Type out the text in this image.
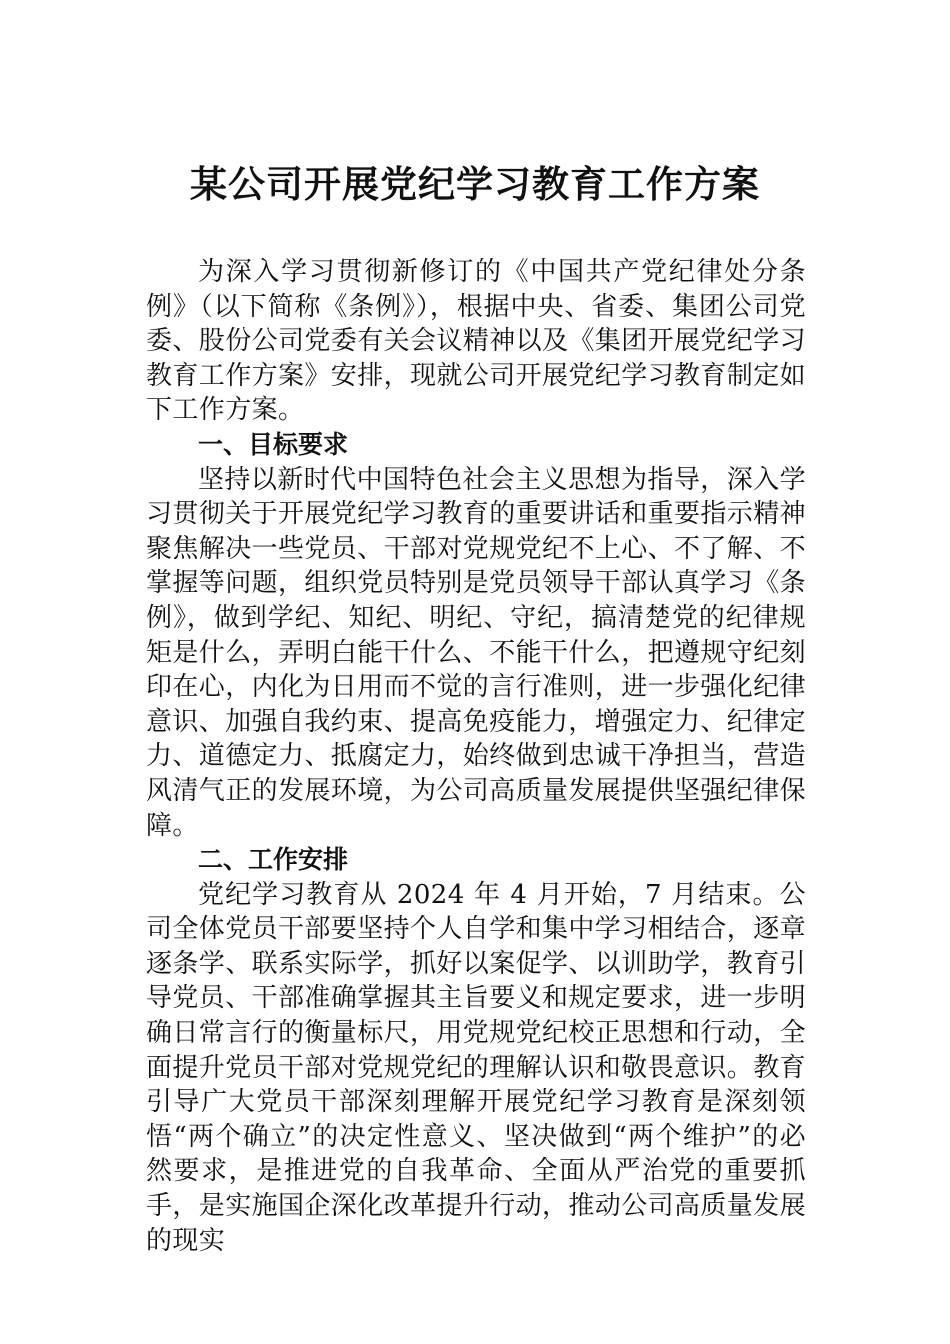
某公司开展党纪学习教育工作方案

为深入学习贯彻新修订的《中国共产党纪律处分条例》（以下简称《条例》），根据中央、省委、集团公司党委、股份公司党委有关会议精神以及《集团开展党纪学习教育工作方案》安排，现就公司开展党纪学习教育制定如下工作方案。

一、目标要求

坚持以新时代中国特色社会主义思想为指导，深入学习贯彻关于开展党纪学习教育的重要讲话和重要指示精神聚焦解决一些党员、干部对党规党纪不上心、不了解、不掌握等问题，组织党员特别是党员领导干部认真学习《条例》，做到学纪、知纪、明纪、守纪，搞清楚党的纪律规矩是什么，弄明白能干什么、不能干什么，把遵规守纪刻印在心，内化为日用而不觉的言行准则，进一步强化纪律意识、加强自我约束、提高免疫能力，增强定力、纪律定力、道德定力、抵腐定力，始终做到忠诚干净担当，营造风清气正的发展环境，为公司高质量发展提供坚强纪律保障。

二、工作安排

党纪学习教育从 2024 年 4 月开始，7 月结束。公司全体党员干部要坚持个人自学和集中学习相结合，逐章逐条学、联系实际学，抓好以案促学、以训助学，教育引导党员、干部准确掌握其主旨要义和规定要求，进一步明确日常言行的衡量标尺，用党规党纪校正思想和行动，全面提升党员干部对党规党纪的理解认识和敬畏意识。教育引导广大党员干部深刻理解开展党纪学习教育是深刻领悟“两个确立”的决定性意义、坚决做到“两个维护”的必然要求，是推进党的自我革命、全面从严治党的重要抓手，是实施国企深化改革提升行动，推动公司高质量发展的现实
